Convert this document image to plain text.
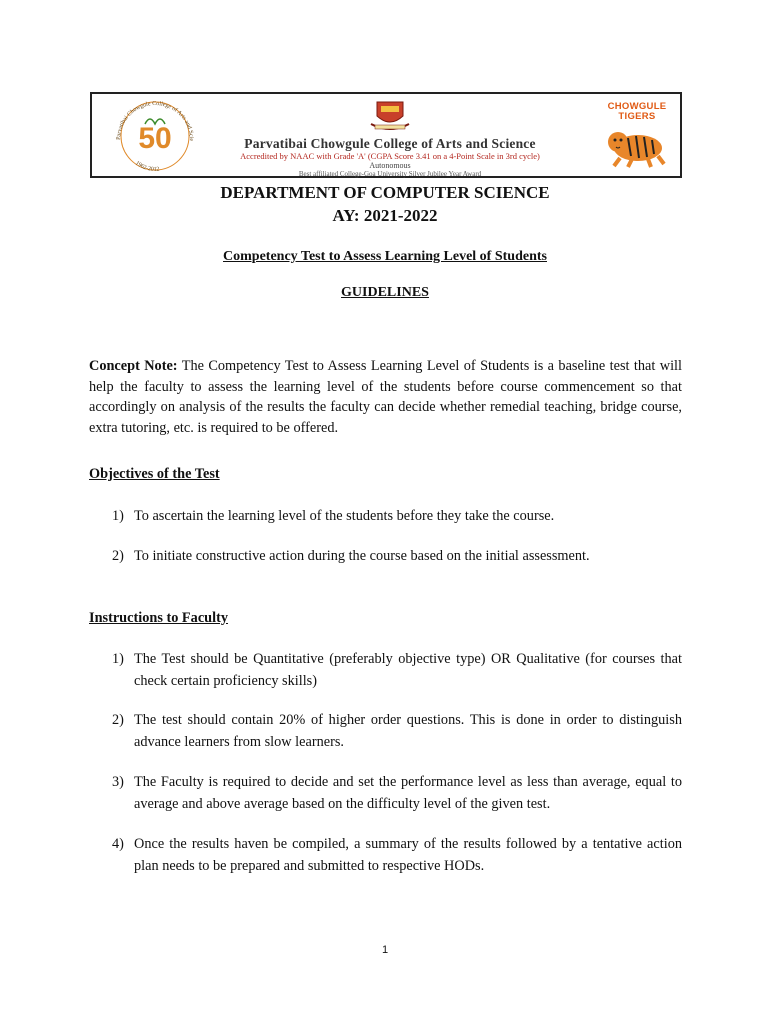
Parvatibai Chowgule College of Arts and Scie
1962-2012
50	Parvatibai Chowgule College of Arts and Science
Accredited by NAAC with Grade 'A' (CGPA Score 3.41 on a 4-Point Scale in 3rd cycle)
Autonomous
Best affiliated College-Goa University Silver Jubilee Year Award
CHOWGULE
TIGERS
DEPARTMENT OF COMPUTER SCIENCE
AY: 2021-2022
Competency Test to Assess Learning Level of Students
GUIDELINES
Concept Note: The Competency Test to Assess Learning Level of Students is a baseline test that will help the faculty to assess the learning level of the students before course commencement so that accordingly on analysis of the results the faculty can decide whether remedial teaching, bridge course, extra tutoring, etc. is required to be offered.
Objectives of the Test
1) To ascertain the learning level of the students before they take the course.
2) To initiate constructive action during the course based on the initial assessment.
Instructions to Faculty
1) The Test should be Quantitative (preferably objective type) OR Qualitative (for courses that check certain proficiency skills)
2) The test should contain 20% of higher order questions. This is done in order to distinguish advance learners from slow learners.
3) The Faculty is required to decide and set the performance level as less than average, equal to average and above average based on the difficulty level of the given test.
4) Once the results haven be compiled, a summary of the results followed by a tentative action plan needs to be prepared and submitted to respective HODs.
1
